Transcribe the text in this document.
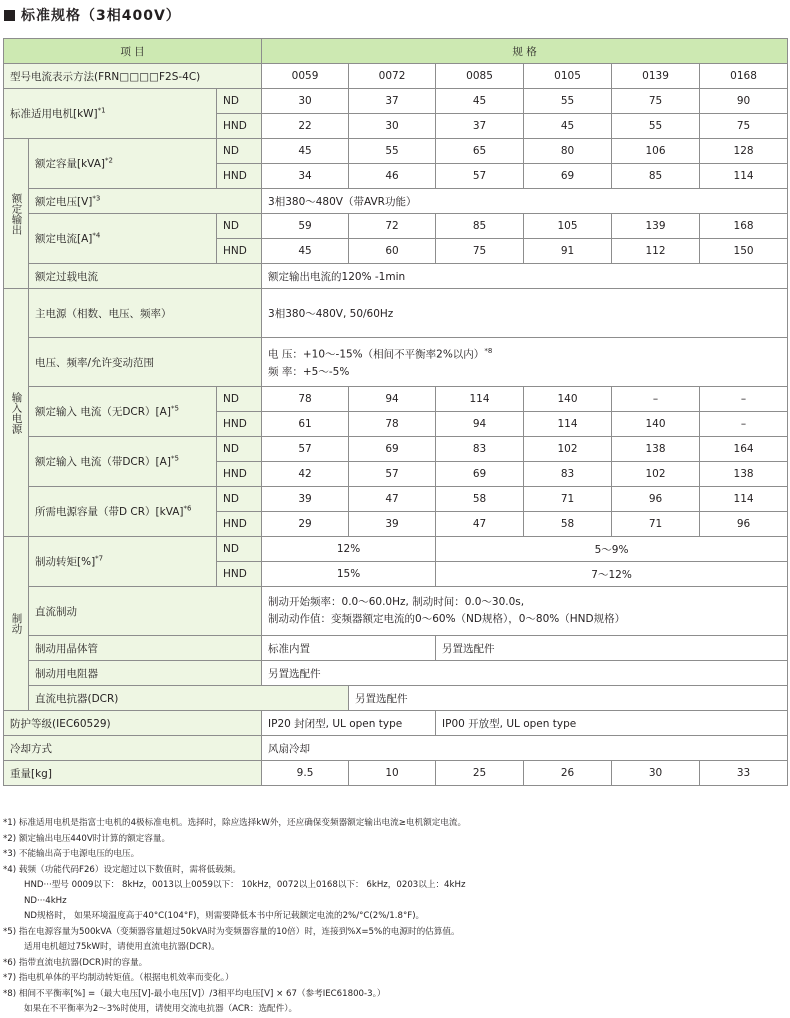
标准规格（3相400V）
项 目			规 格					
型号电流表示方法(FRN□□□□F2S-4C)			0059	0072	0085	0105	0139	0168
标准适用电机[kW]$^{*1}$		ND	30	37	45	55	75	90
		HND	22	30	37	45	55	75
额定输出	额定容量[kVA]$^{*2}$	ND	45	55	65	80	106	128
		HND	34	46	57	69	85	114
	额定电压$[V]^{*3}$		3相380～480V（带AVR功能）					
	额定电流$[A]^{*4}$	ND	59	72	85	105	139	168
		HND	45	60	75	91	112	150
	额定过载电流		额定输出电流的120% -1min					
输入电源	主电源（相数、电压、频率）		3相380～480V, 50/60Hz					
	电压、频率/允许变动范围		电 压：+10～-15%（相间不平衡率2%以内）$^{*8}$
频 率：+5～-5%					

	额定输入 电流（无$DCR)[A]^{*5}$	ND	78	94	114	140	–	–
		HND	61	78	94	114	140	–
	额定输入 电流（带$DCR)[A]^{*5}$	ND	57	69	83	102	138	164
		HND	42	57	69	83	102	138
	所需电源容量（带D CR）[kVA]$^{*6}$	ND	39	47	58	71	96	114
		HND	29	39	47	58	71	96
制动	制动转矩[%]$^{*7}$	ND	12%		5～9%			
		HND	15%		7～12%			
	直流制动		制动开始频率：0.0～60.0Hz, 制动时间：0.0～30.0s,
制动动作值：变频器额定电流的0～60%（ND规格），0～80%（HND规格）					

	制动用晶体管		标准内置		另置选配件			
	制动用电阻器		另置选配件					
	直流电抗器(DCR)			另置选配件				
防护等级(IEC60529)			IP20 封闭型, UL open type		IP00 开放型, UL open type			
冷却方式			风扇冷却					
重量[kg]			9.5	10	25	26	30	33
*1) 标准适用电机是指富士电机的4极标准电机。选择时，除应选择kW外，还应确保变频器额定输出电流≥电机额定电流。
*2) 额定输出电压440V时计算的额定容量。
*3) 不能输出高于电源电压的电压。
*4) 载频（功能代码F26）设定超过以下数值时，需将低载频。
HND···型号 0009以下： 8kHz，0013以上0059以下： 10kHz，0072以上0168以下： 6kHz，0203以上：4kHz
ND···4kHz
ND规格时， 如果环境温度高于40°C(104°F)，则需要降低本书中所记载额定电流的2%/°C(2%/1.8°F)。
*5) 指在电源容量为500kVA（变频器容量超过50kVA时为变频器容量的10倍）时，连接到%X=5%的电源时的估算值。
适用电机超过75kW时，请使用直流电抗器(DCR)。
*6) 指带直流电抗器(DCR)时的容量。
*7) 指电机单体的平均制动转矩值。（根据电机效率而变化。）
*8) 相间不平衡率[%] =（最大电压[V]-最小电压[V]）/3相平均电压[V] × 67（参考IEC61800-3。）
如果在不平衡率为2～3%时使用，请使用交流电抗器（ACR：选配件）。
